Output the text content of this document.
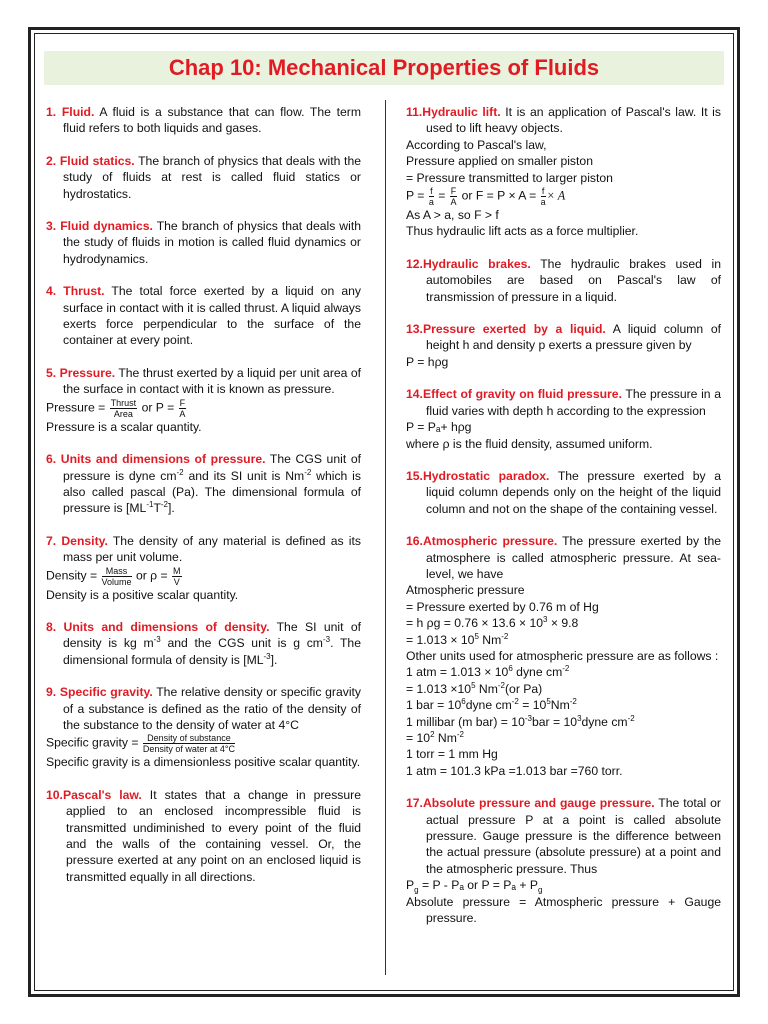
Chap 10: Mechanical Properties of Fluids
1. Fluid. A fluid is a substance that can flow. The term fluid refers to both liquids and gases.
2. Fluid statics. The branch of physics that deals with the study of fluids at rest is called fluid statics or hydrostatics.
3. Fluid dynamics. The branch of physics that deals with the study of fluids in motion is called fluid dynamics or hydrodynamics.
4. Thrust. The total force exerted by a liquid on any surface in contact with it is called thrust. A liquid always exerts force perpendicular to the surface of the container at every point.
5. Pressure. The thrust exerted by a liquid per unit area of the surface in contact with it is known as pressure.
Pressure = $\frac{\text{Thrust}}{\text{Area}}$ or $P = \frac{F}{A}$
Pressure is a scalar quantity.
6. Units and dimensions of pressure. The CGS unit of pressure is dyne $cm^{-2}$ and its SI unit is $Nm^{-2}$ which is also called pascal (Pa). The dimensional formula of pressure is $[ML^{-1}T^{-2}]$.
7. Density. The density of any material is defined as its mass per unit volume.
Density = $\frac{\text{Mass}}{\text{Volume}}$ or $\rho = \frac{M}{V}$
Density is a positive scalar quantity.
8. Units and dimensions of density. The SI unit of density is kg $m^{-3}$ and the CGS unit is g $cm^{-3}$. The dimensional formula of density is $[ML^{-3}]$.
9. Specific gravity. The relative density or specific gravity of a substance is defined as the ratio of the density of the substance to the density of water at 4°C
Specific gravity = $\frac{\text{Density of substance}}{\text{Density of water at 4°C}}$
Specific gravity is a dimensionless positive scalar quantity.
10.Pascal's law. It states that a change in pressure applied to an enclosed incompressible fluid is transmitted undiminished to every point of the fluid and the walls of the containing vessel. Or, the pressure exerted at any point on an enclosed liquid is transmitted equally in all directions.
11.Hydraulic lift. It is an application of Pascal's law. It is used to lift heavy objects.
According to Pascal's law,
Pressure applied on smaller piston
= Pressure transmitted to larger piston
$P = \frac{f}{a} = \frac{F}{A}$ or $F = P \times A = \frac{f}{a} \times A$
As A > a, so F > f
Thus hydraulic lift acts as a force multiplier.
12.Hydraulic brakes. The hydraulic brakes used in automobiles are based on Pascal's law of transmission of pressure in a liquid.
13.Pressure exerted by a liquid. A liquid column of height h and density p exerts a pressure given by
P = hρg
14.Effect of gravity on fluid pressure. The pressure in a fluid varies with depth h according to the expression
P = Pₐ+ hρg
where ρ is the fluid density, assumed uniform.
15.Hydrostatic paradox. The pressure exerted by a liquid column depends only on the height of the liquid column and not on the shape of the containing vessel.
16.Atmospheric pressure. The pressure exerted by the atmosphere is called atmospheric pressure. At sea-level, we have
Atmospheric pressure
= Pressure exerted by 0.76 m of Hg
= h $\rho g = 0.76 \times 13.6 \times 10^3 \times 9.8$
= $1.013 \times 10^5$ $Nm^{-2}$
Other units used for atmospheric pressure are as follows :
1 atm = $1.013 \times 10^6$ dyne $cm^{-2}$
= $1.013 \times 10^5$ $Nm^{-2}(or$ Pa)
1 bar = $10^6dyne$ $cm^{-2} = 10^5Nm^{-2}$
1 millibar (m $bar) = 10^{-3}bar$ = $10^3dyne$ $cm^{-2}$
= $10^2$ $Nm^{-2}$
1 torr = 1 mm Hg
1 atm = 101.3 kPa =1.013 bar =760 torr.
17.Absolute pressure and gauge pressure. The total or actual pressure P at a point is called absolute pressure. Gauge pressure is the difference between the actual pressure (absolute pressure) at a point and the atmospheric pressure. Thus
$P_g = P - P_a$ or $P = P_a + P_g$
Absolute pressure = Atmospheric pressure + Gauge pressure.
